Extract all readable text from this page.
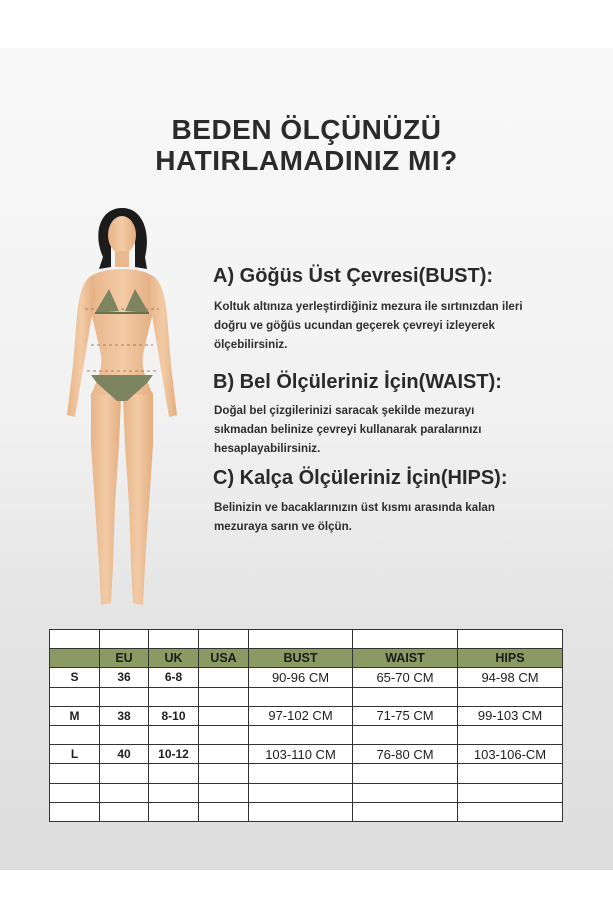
BEDEN ÖLÇÜNÜZÜ
HATIRLAMADINIZ MI?
A) Göğüs Üst Çevresi(BUST):
Koltuk altınıza yerleştirdiğiniz mezura ile sırtınızdan ileri
doğru ve göğüs ucundan geçerek çevreyi izleyerek
ölçebilirsiniz.
B) Bel Ölçüleriniz İçin(WAIST):
Doğal bel çizgilerinizi saracak şekilde mezurayı
sıkmadan belinize çevreyi kullanarak paralarınızı
hesaplayabilirsiniz.
C) Kalça Ölçüleriniz İçin(HIPS):
Belinizin ve bacaklarınızın üst kısmı arasında kalan
mezuraya sarın ve ölçün.

	EU	UK	USA	BUST	WAIST	HIPS
S	36	6-8		90-96 CM	65-70 CM	94-98 CM

M	38	8-10		97-102 CM	71-75 CM	99-103 CM

L	40	10-12		103-110 CM	76-80 CM	103-106-CM
